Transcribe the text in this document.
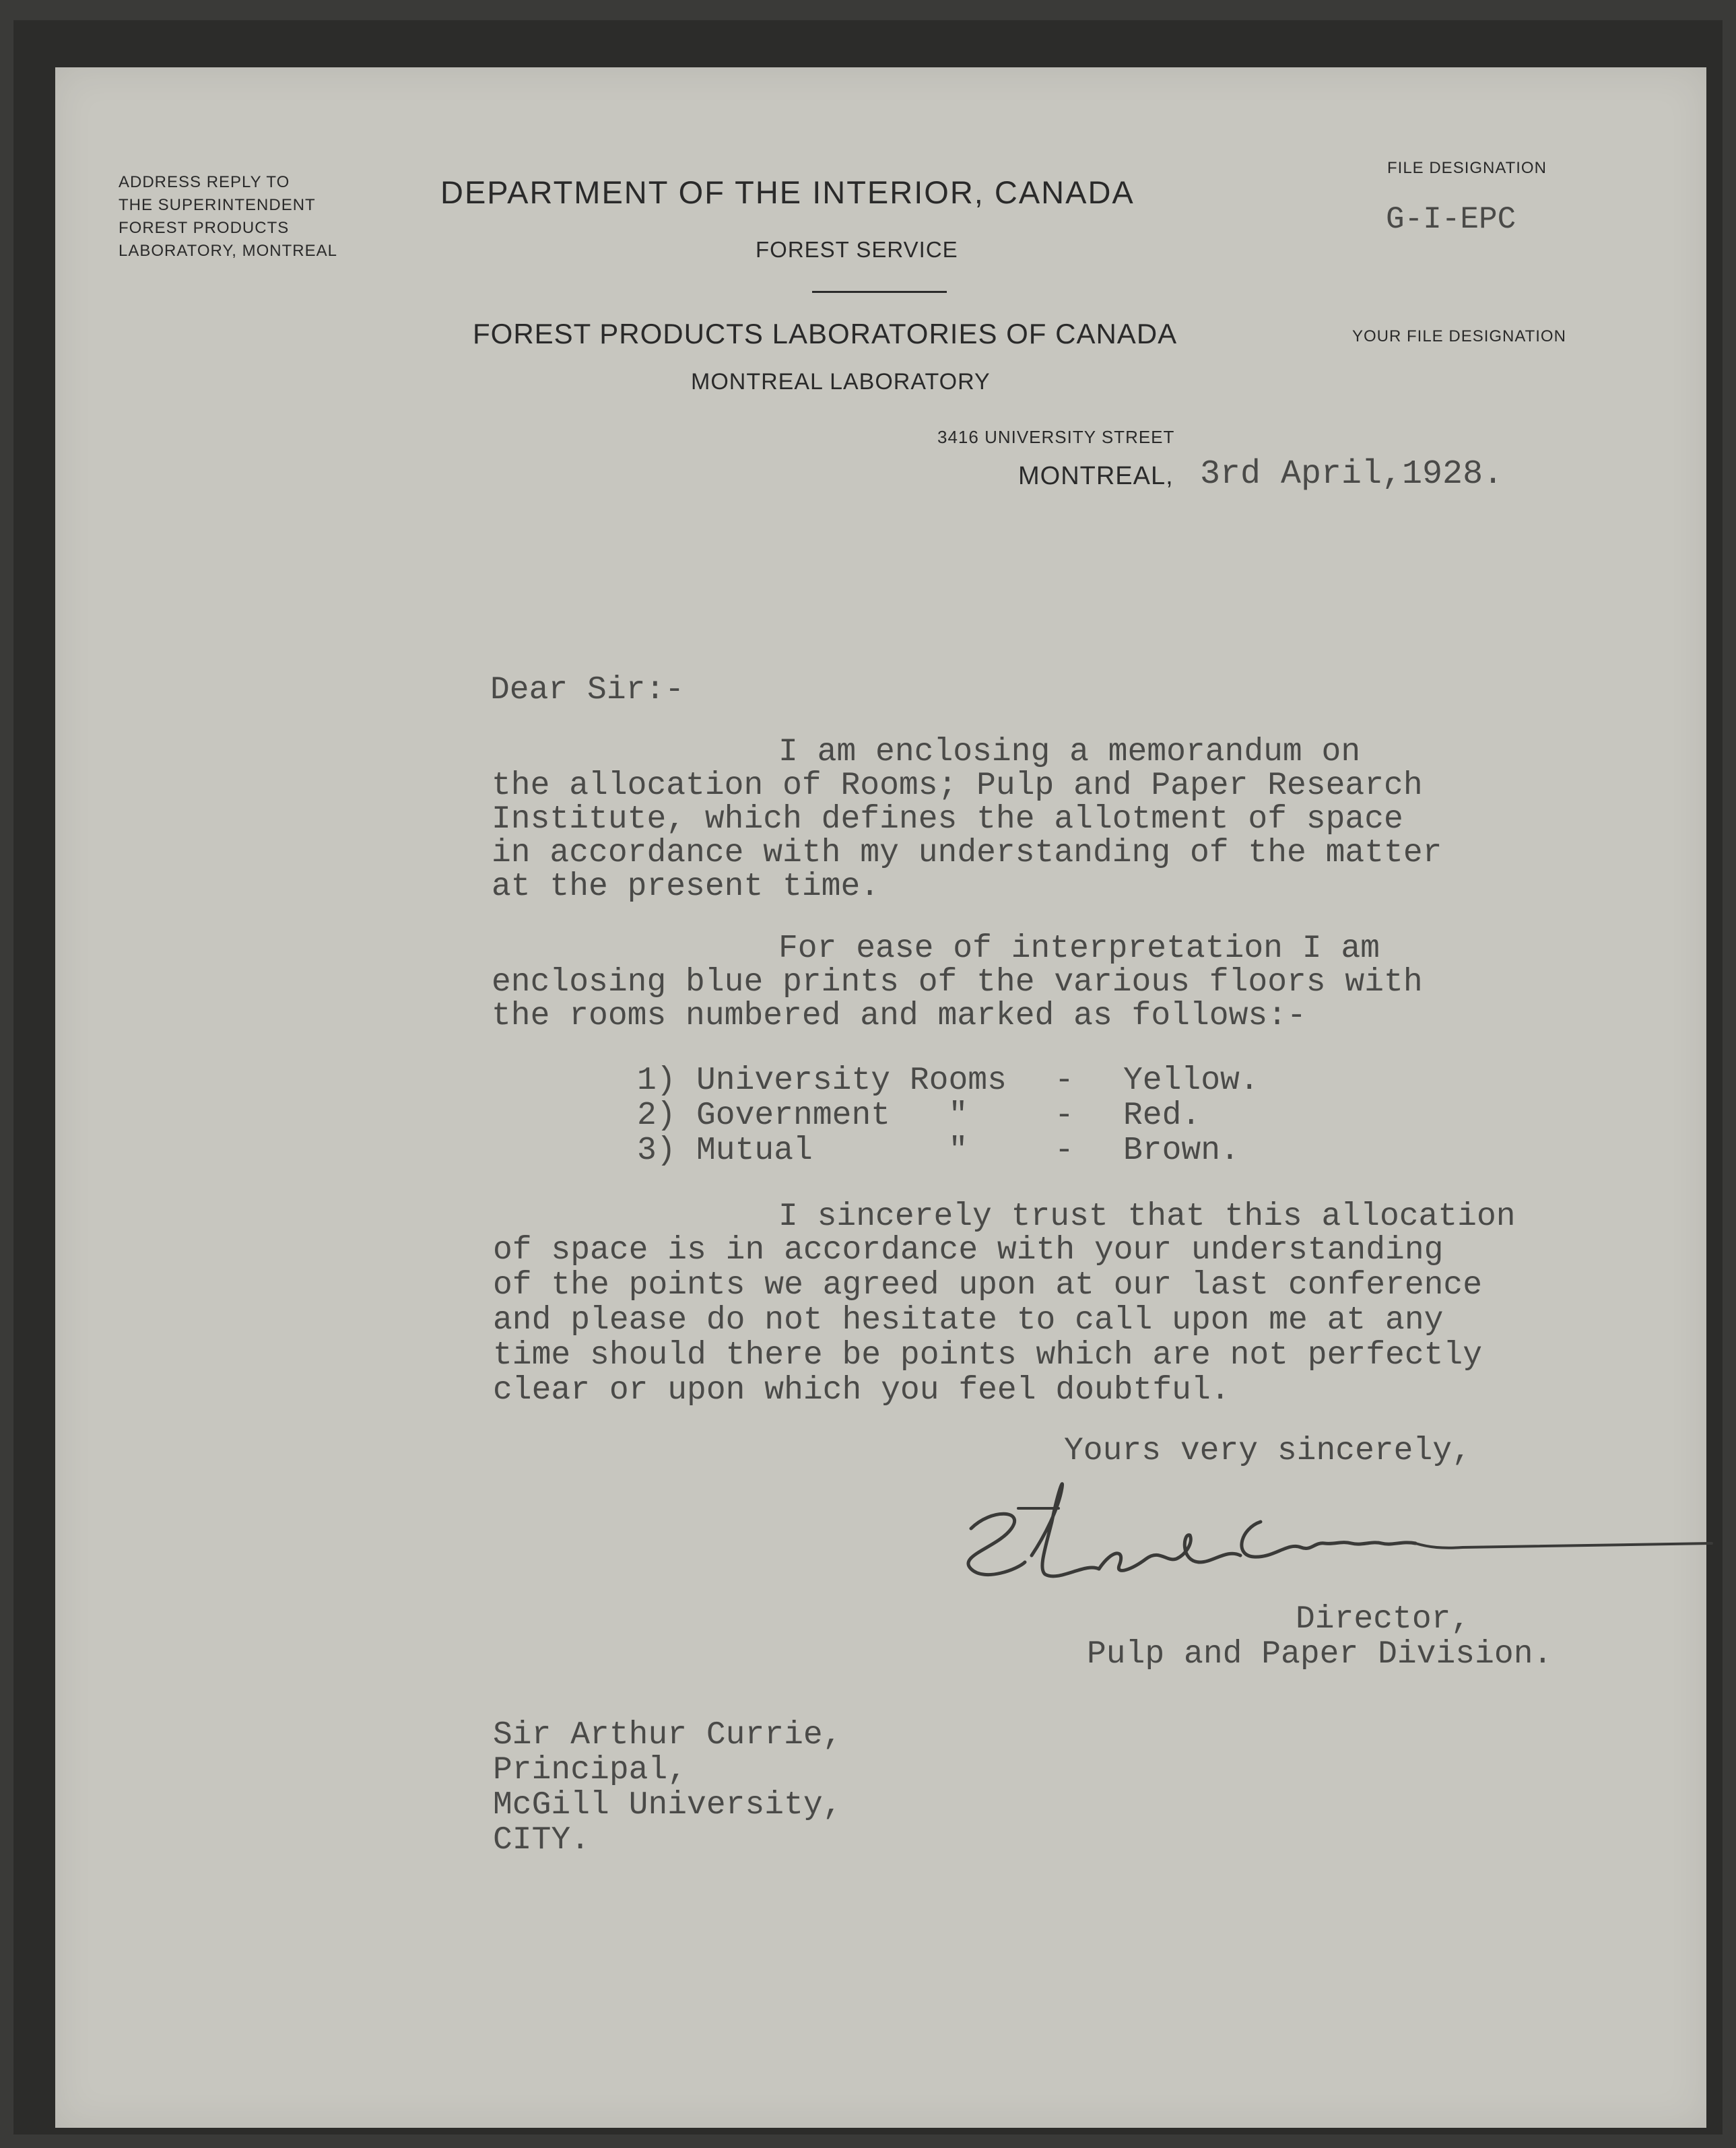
ADDRESS REPLY TO
THE SUPERINTENDENT
FOREST PRODUCTS
LABORATORY, MONTREAL
DEPARTMENT OF THE INTERIOR, CANADA
FOREST SERVICE
FOREST PRODUCTS LABORATORIES OF CANADA
MONTREAL LABORATORY
3416 UNIVERSITY STREET
MONTREAL, 3rd April,1928.
FILE DESIGNATION
G-I-EPC
YOUR FILE DESIGNATION
Dear Sir:-
I am enclosing a memorandum on
the allocation of Rooms; Pulp and Paper Research
Institute, which defines the allotment of space
in accordance with my understanding of the matter
at the present time.
For ease of interpretation I am
enclosing blue prints of the various floors with
the rooms numbered and marked as follows:-
1) University Rooms - Yellow.
2) Government   "	- Red.
3) Mutual       "	- Brown.
I sincerely trust that this allocation
of space is in accordance with your understanding
of the points we agreed upon at our last conference
and please do not hesitate to call upon me at any
time should there be points which are not perfectly
clear or upon which you feel doubtful.
Yours very sincerely,
Director,
Pulp and Paper Division.
Sir Arthur Currie,
Principal,
McGill University,
CITY.
